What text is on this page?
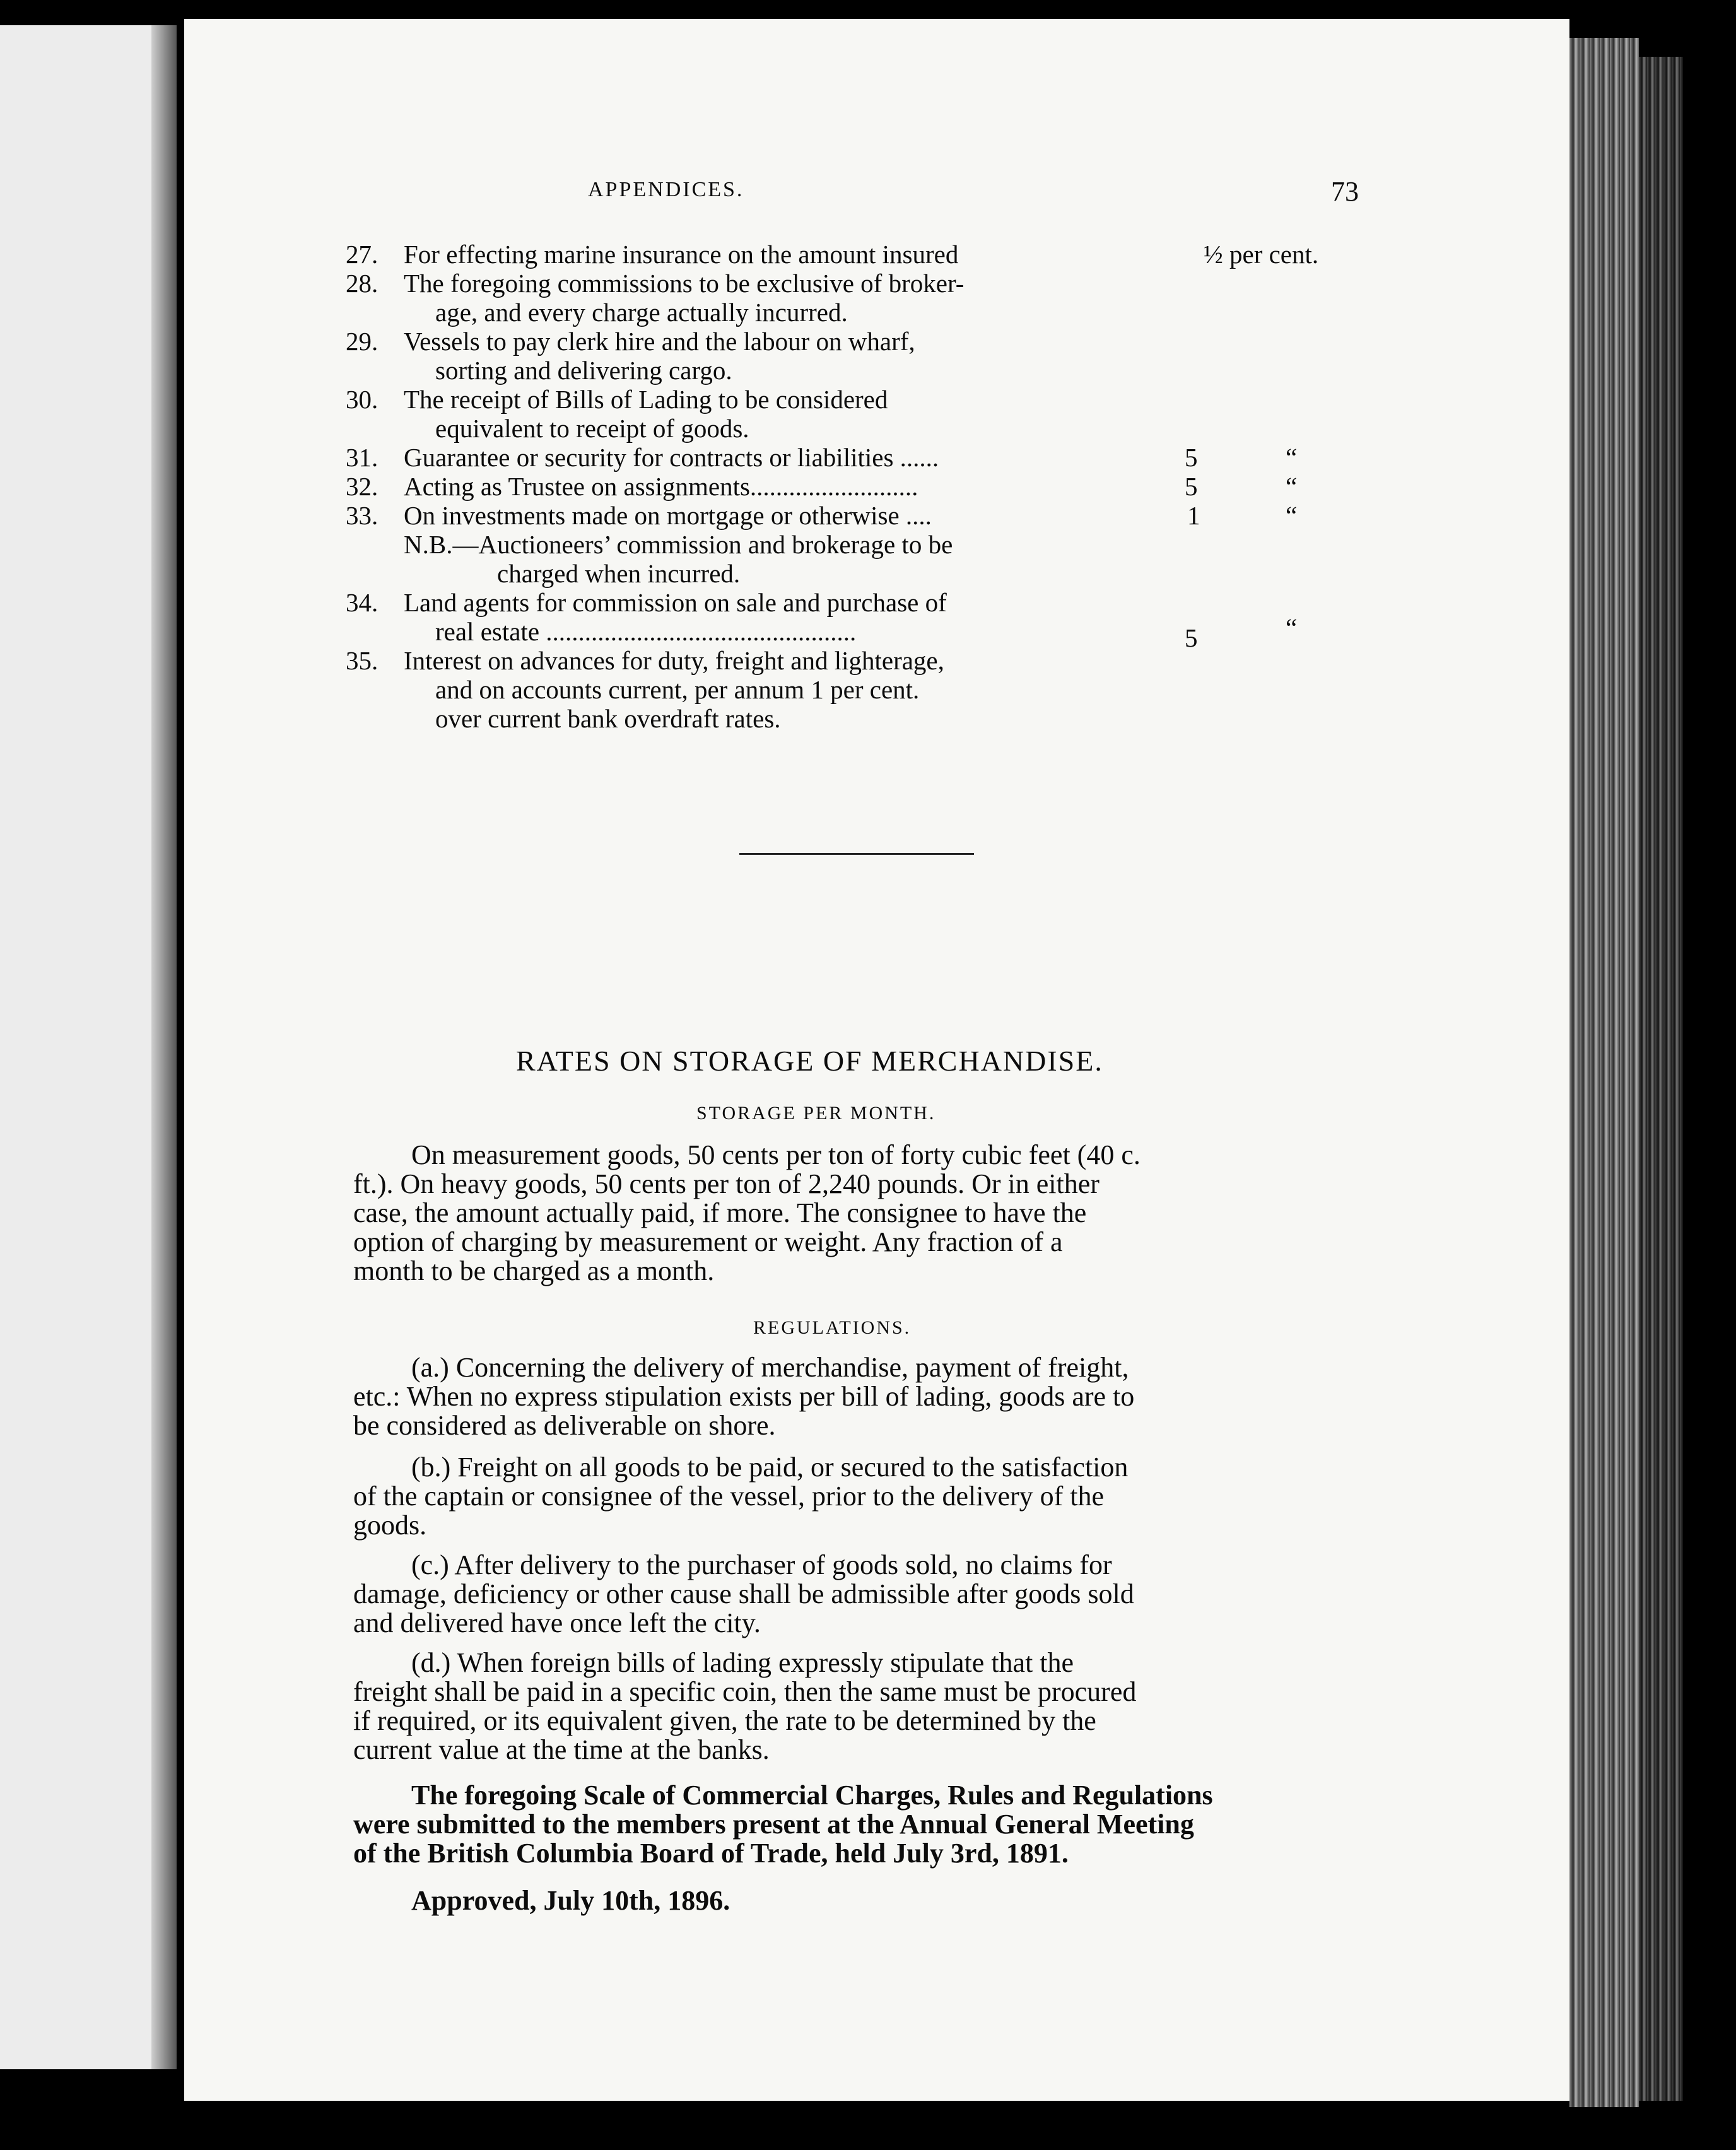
APPENDICES.	73
27. For effecting marine insurance on the amount insured	½ per cent.
28. The foregoing commissions to be exclusive of broker-
age, and every charge actually incurred.
29. Vessels to pay clerk hire and the labour on wharf,
sorting and delivering cargo.
30. The receipt of Bills of Lading to be considered
equivalent to receipt of goods.
31. Guarantee or security for contracts or liabilities ......	5	“
32. Acting as Trustee on assignments..........................	5	“
33. On investments made on mortgage or otherwise ....	1	“
N.B.—Auctioneers’ commission and brokerage to be
charged when incurred.
34. Land agents for commission on sale and purchase of
real estate ................................................	5	“
35. Interest on advances for duty, freight and lighterage,
and on accounts current, per annum 1 per cent.
over current bank overdraft rates.
RATES ON STORAGE OF MERCHANDISE.
STORAGE PER MONTH.
On measurement goods, 50 cents per ton of forty cubic feet (40 c.
ft.). On heavy goods, 50 cents per ton of 2,240 pounds. Or in either
case, the amount actually paid, if more. The consignee to have the
option of charging by measurement or weight. Any fraction of a
month to be charged as a month.
REGULATIONS.
(a.) Concerning the delivery of merchandise, payment of freight,
etc.: When no express stipulation exists per bill of lading, goods are to
be considered as deliverable on shore.
(b.) Freight on all goods to be paid, or secured to the satisfaction
of the captain or consignee of the vessel, prior to the delivery of the
goods.
(c.) After delivery to the purchaser of goods sold, no claims for
damage, deficiency or other cause shall be admissible after goods sold
and delivered have once left the city.
(d.) When foreign bills of lading expressly stipulate that the
freight shall be paid in a specific coin, then the same must be procured
if required, or its equivalent given, the rate to be determined by the
current value at the time at the banks.
The foregoing Scale of Commercial Charges, Rules and Regulations
were submitted to the members present at the Annual General Meeting
of the British Columbia Board of Trade, held July 3rd, 1891.
Approved, July 10th, 1896.
